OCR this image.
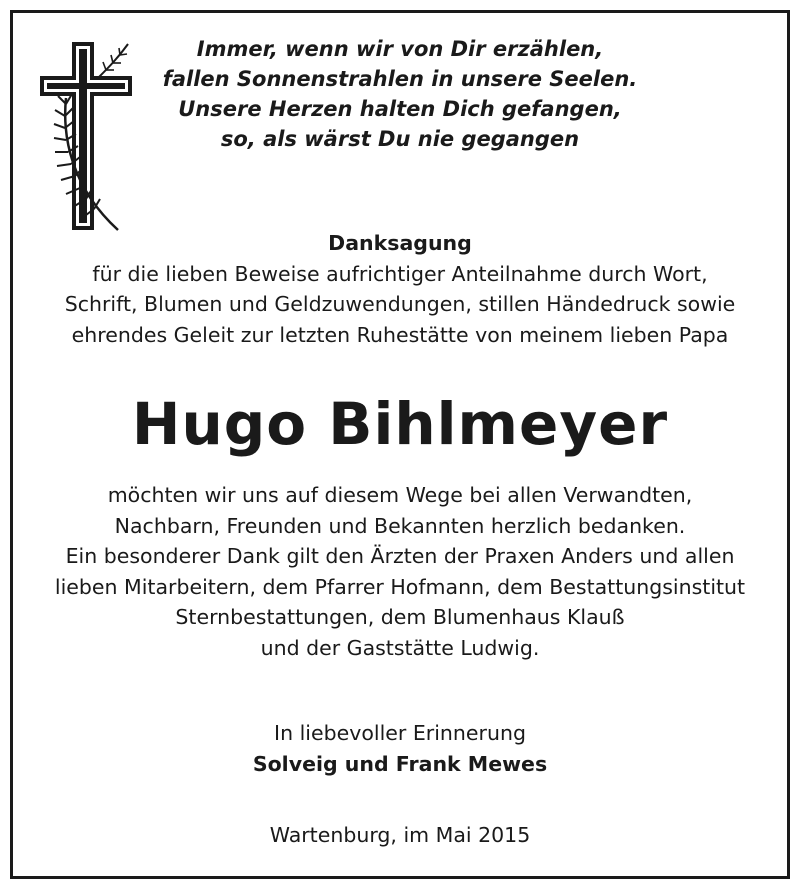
Immer, wenn wir von Dir erzählen,
fallen Sonnenstrahlen in unsere Seelen.
Unsere Herzen halten Dich gefangen,
so, als wärst Du nie gegangen
Danksagung
für die lieben Beweise aufrichtiger Anteilnahme durch Wort,
Schrift, Blumen und Geldzuwendungen, stillen Händedruck sowie
ehrendes Geleit zur letzten Ruhestätte von meinem lieben Papa
Hugo Bihlmeyer
möchten wir uns auf diesem Wege bei allen Verwandten,
Nachbarn, Freunden und Bekannten herzlich bedanken.
Ein besonderer Dank gilt den Ärzten der Praxen Anders und allen
lieben Mitarbeitern, dem Pfarrer Hofmann, dem Bestattungsinstitut
Sternbestattungen, dem Blumenhaus Klauß
und der Gaststätte Ludwig.
In liebevoller Erinnerung
Solveig und Frank Mewes
Wartenburg, im Mai 2015
